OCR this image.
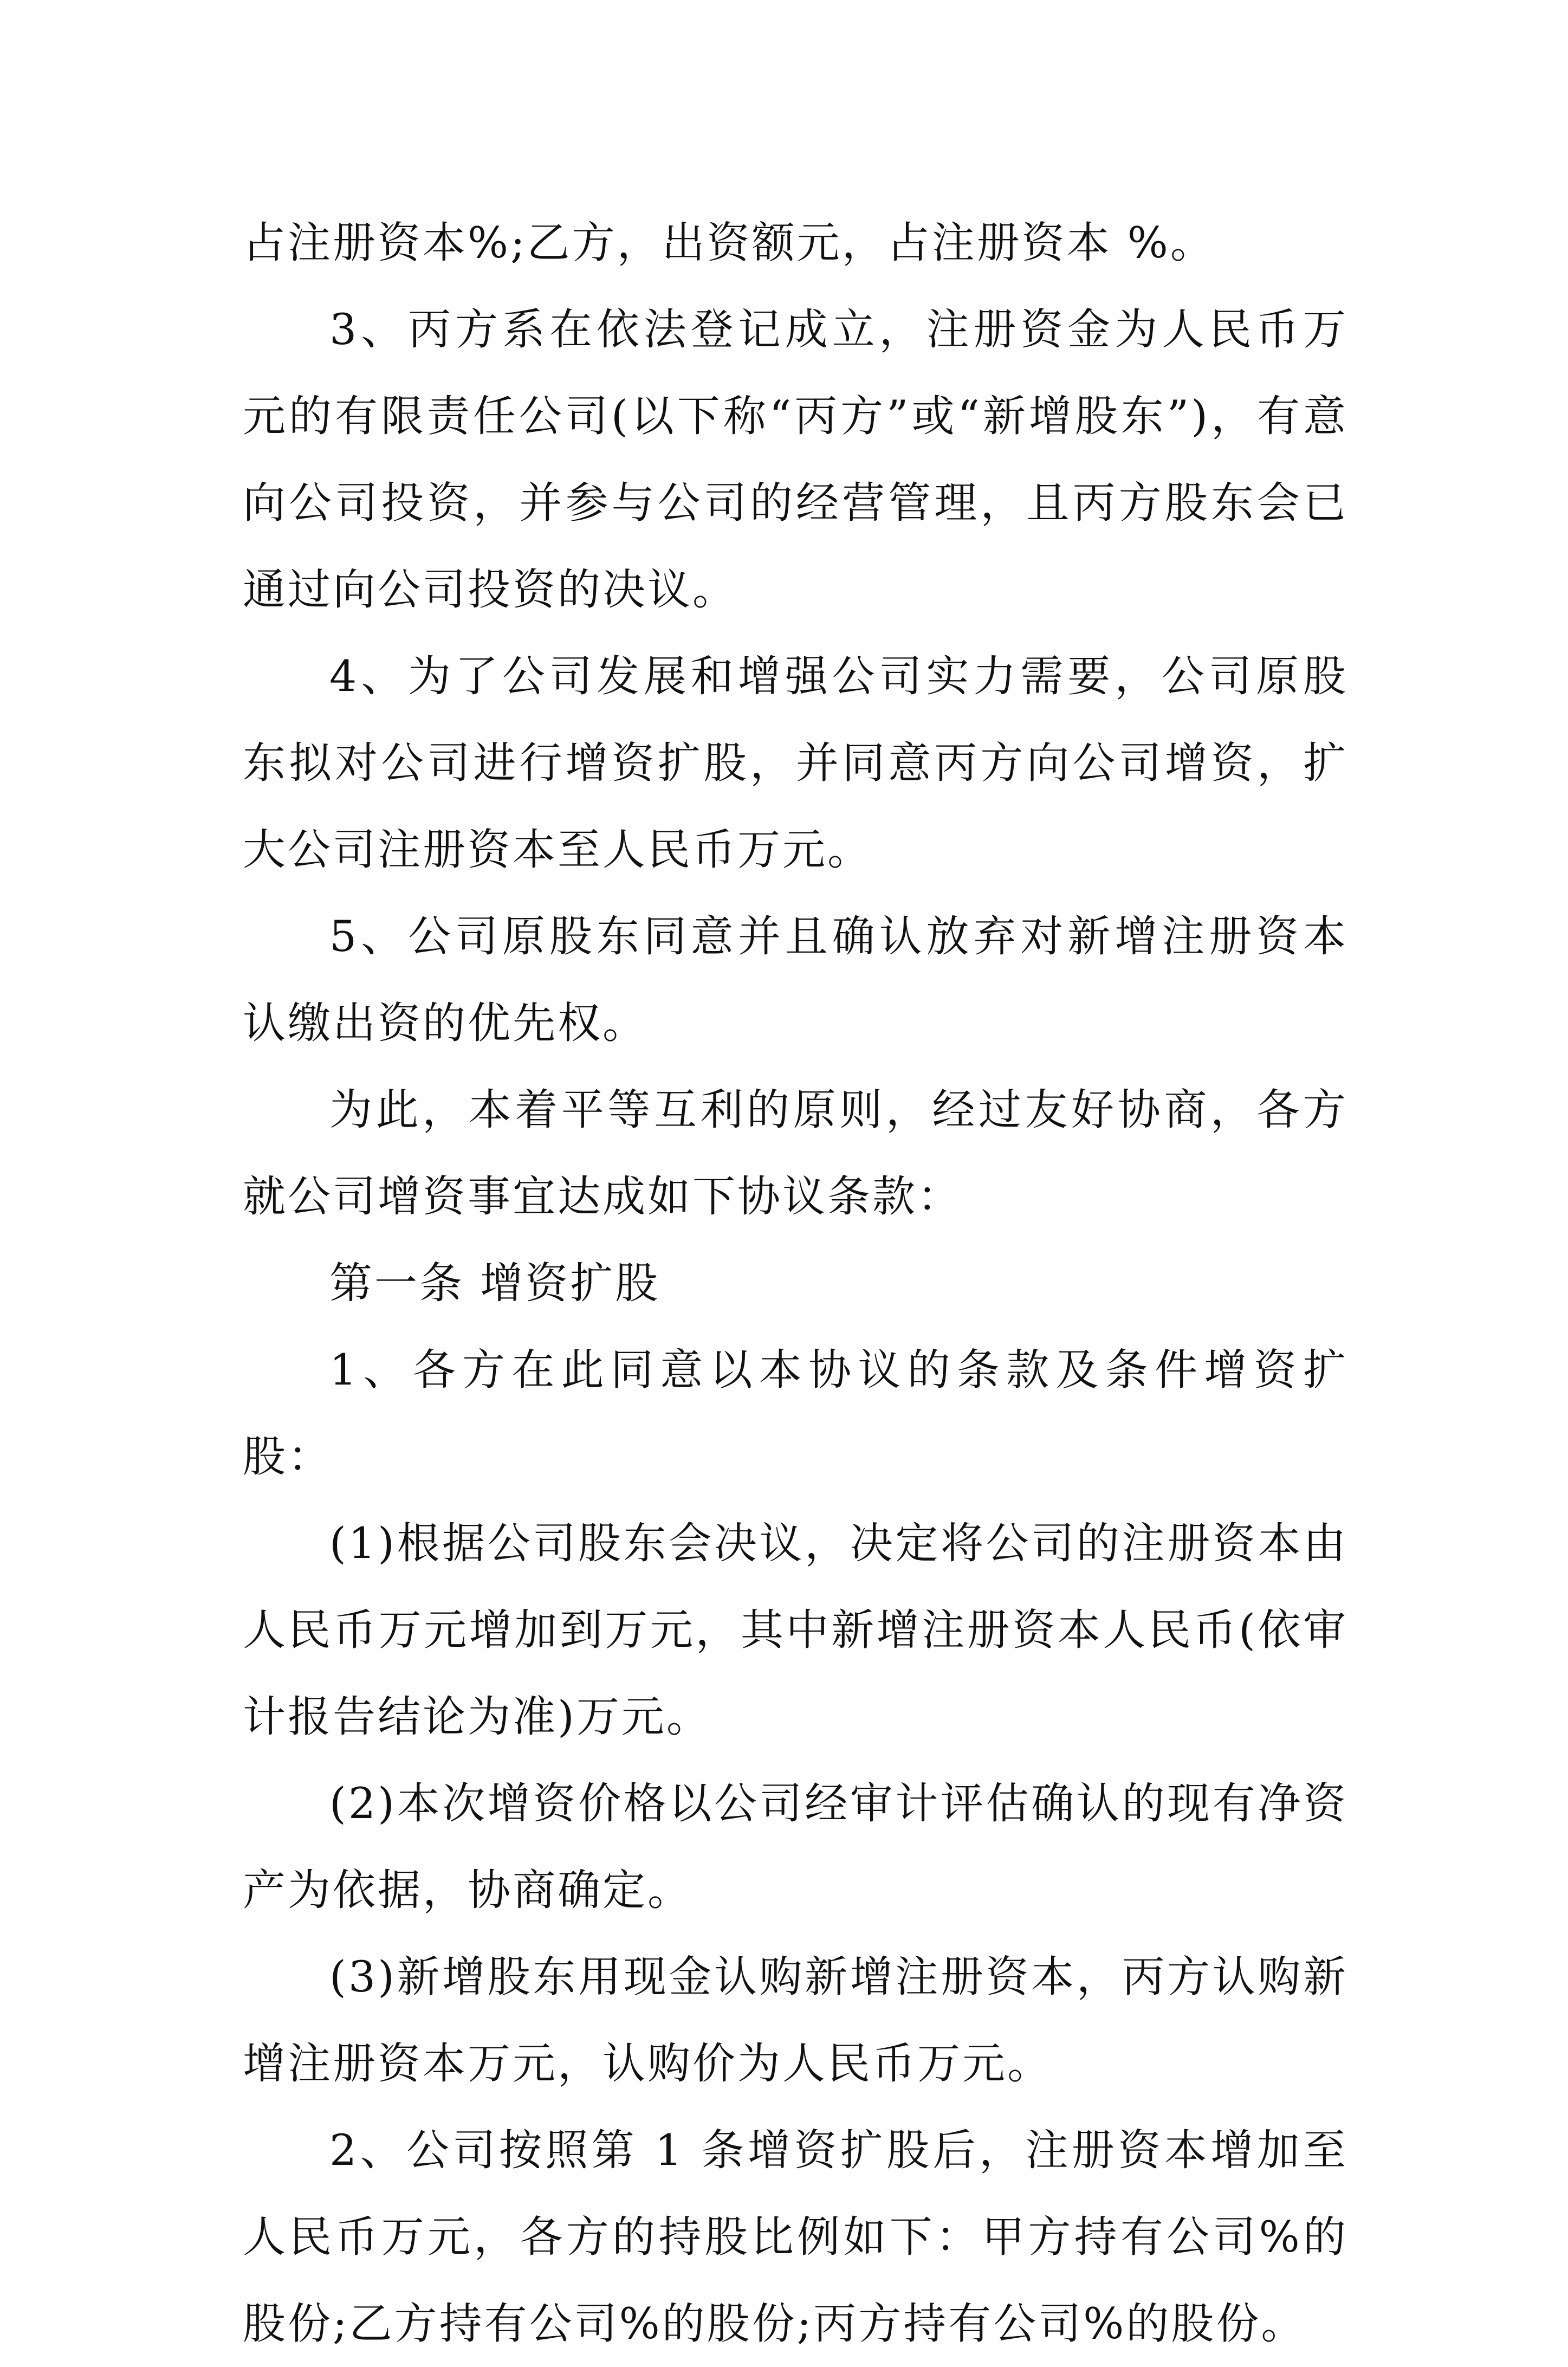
占注册资本%;乙方，出资额元，占注册资本 %。

3、丙方系在依法登记成立，注册资金为人民币万元的有限责任公司(以下称“丙方”或“新增股东”)，有意向公司投资，并参与公司的经营管理，且丙方股东会已通过向公司投资的决议。

4、为了公司发展和增强公司实力需要，公司原股东拟对公司进行增资扩股，并同意丙方向公司增资，扩大公司注册资本至人民币万元。

5、公司原股东同意并且确认放弃对新增注册资本认缴出资的优先权。

为此，本着平等互利的原则，经过友好协商，各方就公司增资事宜达成如下协议条款：

第一条 增资扩股

1、各方在此同意以本协议的条款及条件增资扩股：

(1)根据公司股东会决议，决定将公司的注册资本由人民币万元增加到万元，其中新增注册资本人民币(依审计报告结论为准)万元。

(2)本次增资价格以公司经审计评估确认的现有净资产为依据，协商确定。

(3)新增股东用现金认购新增注册资本，丙方认购新增注册资本万元，认购价为人民币万元。

2、公司按照第 1 条增资扩股后，注册资本增加至人民币万元，各方的持股比例如下：甲方持有公司%的股份;乙方持有公司%的股份;丙方持有公司%的股份。
